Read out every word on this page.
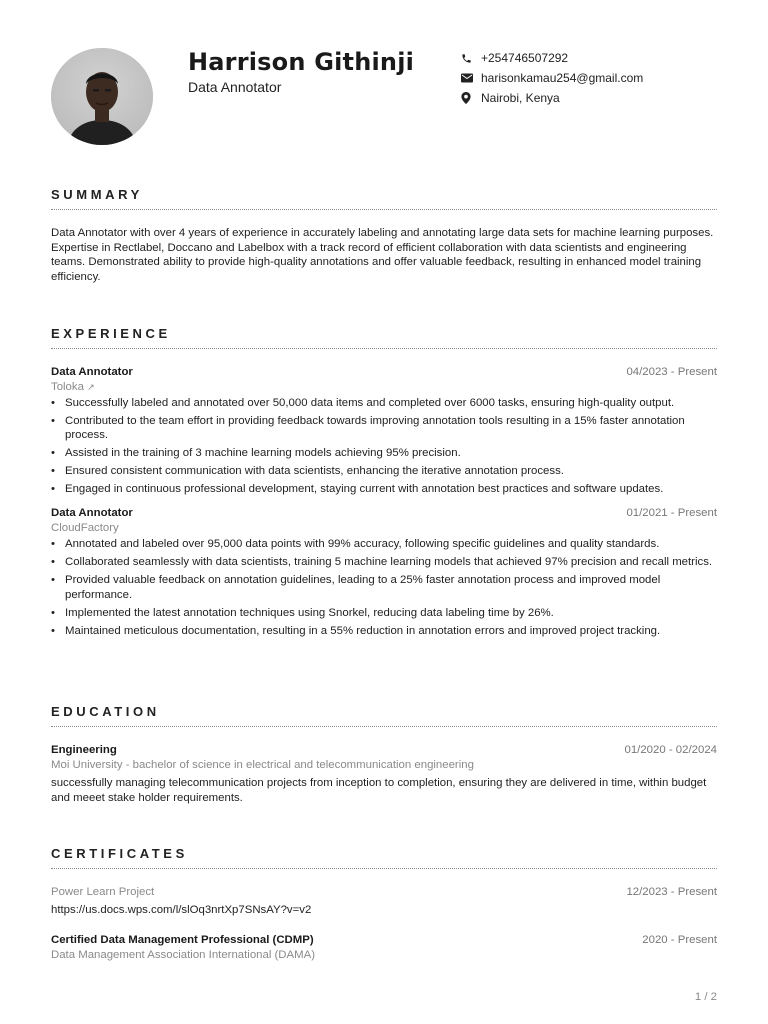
Harrison Githinji
Data Annotator
+254746507292
harisonkamau254@gmail.com
Nairobi, Kenya
SUMMARY
Data Annotator with over 4 years of experience in accurately labeling and annotating large data sets for machine learning purposes. Expertise in Rectlabel, Doccano and Labelbox with a track record of efficient collaboration with data scientists and engineering teams. Demonstrated ability to provide high-quality annotations and offer valuable feedback, resulting in enhanced model training efficiency.
EXPERIENCE
Data Annotator	04/2023 - Present
Toloka ↗
• Successfully labeled and annotated over 50,000 data items and completed over 6000 tasks, ensuring high-quality output.
• Contributed to the team effort in providing feedback towards improving annotation tools resulting in a 15% faster annotation process.
• Assisted in the training of 3 machine learning models achieving 95% precision.
• Ensured consistent communication with data scientists, enhancing the iterative annotation process.
• Engaged in continuous professional development, staying current with annotation best practices and software updates.
Data Annotator	01/2021 - Present
CloudFactory
• Annotated and labeled over 95,000 data points with 99% accuracy, following specific guidelines and quality standards.
• Collaborated seamlessly with data scientists, training 5 machine learning models that achieved 97% precision and recall metrics.
• Provided valuable feedback on annotation guidelines, leading to a 25% faster annotation process and improved model performance.
• Implemented the latest annotation techniques using Snorkel, reducing data labeling time by 26%.
• Maintained meticulous documentation, resulting in a 55% reduction in annotation errors and improved project tracking.
EDUCATION
Engineering	01/2020 - 02/2024
Moi University - bachelor of science in electrical and telecommunication engineering
successfully managing telecommunication projects from inception to completion, ensuring they are delivered in time, within budget and meeet stake holder requirements.
CERTIFICATES
Power Learn Project	12/2023 - Present
https://us.docs.wps.com/l/slOq3nrtXp7SNsAY?v=v2
Certified Data Management Professional (CDMP)	2020 - Present
Data Management Association International (DAMA)
1 / 2
